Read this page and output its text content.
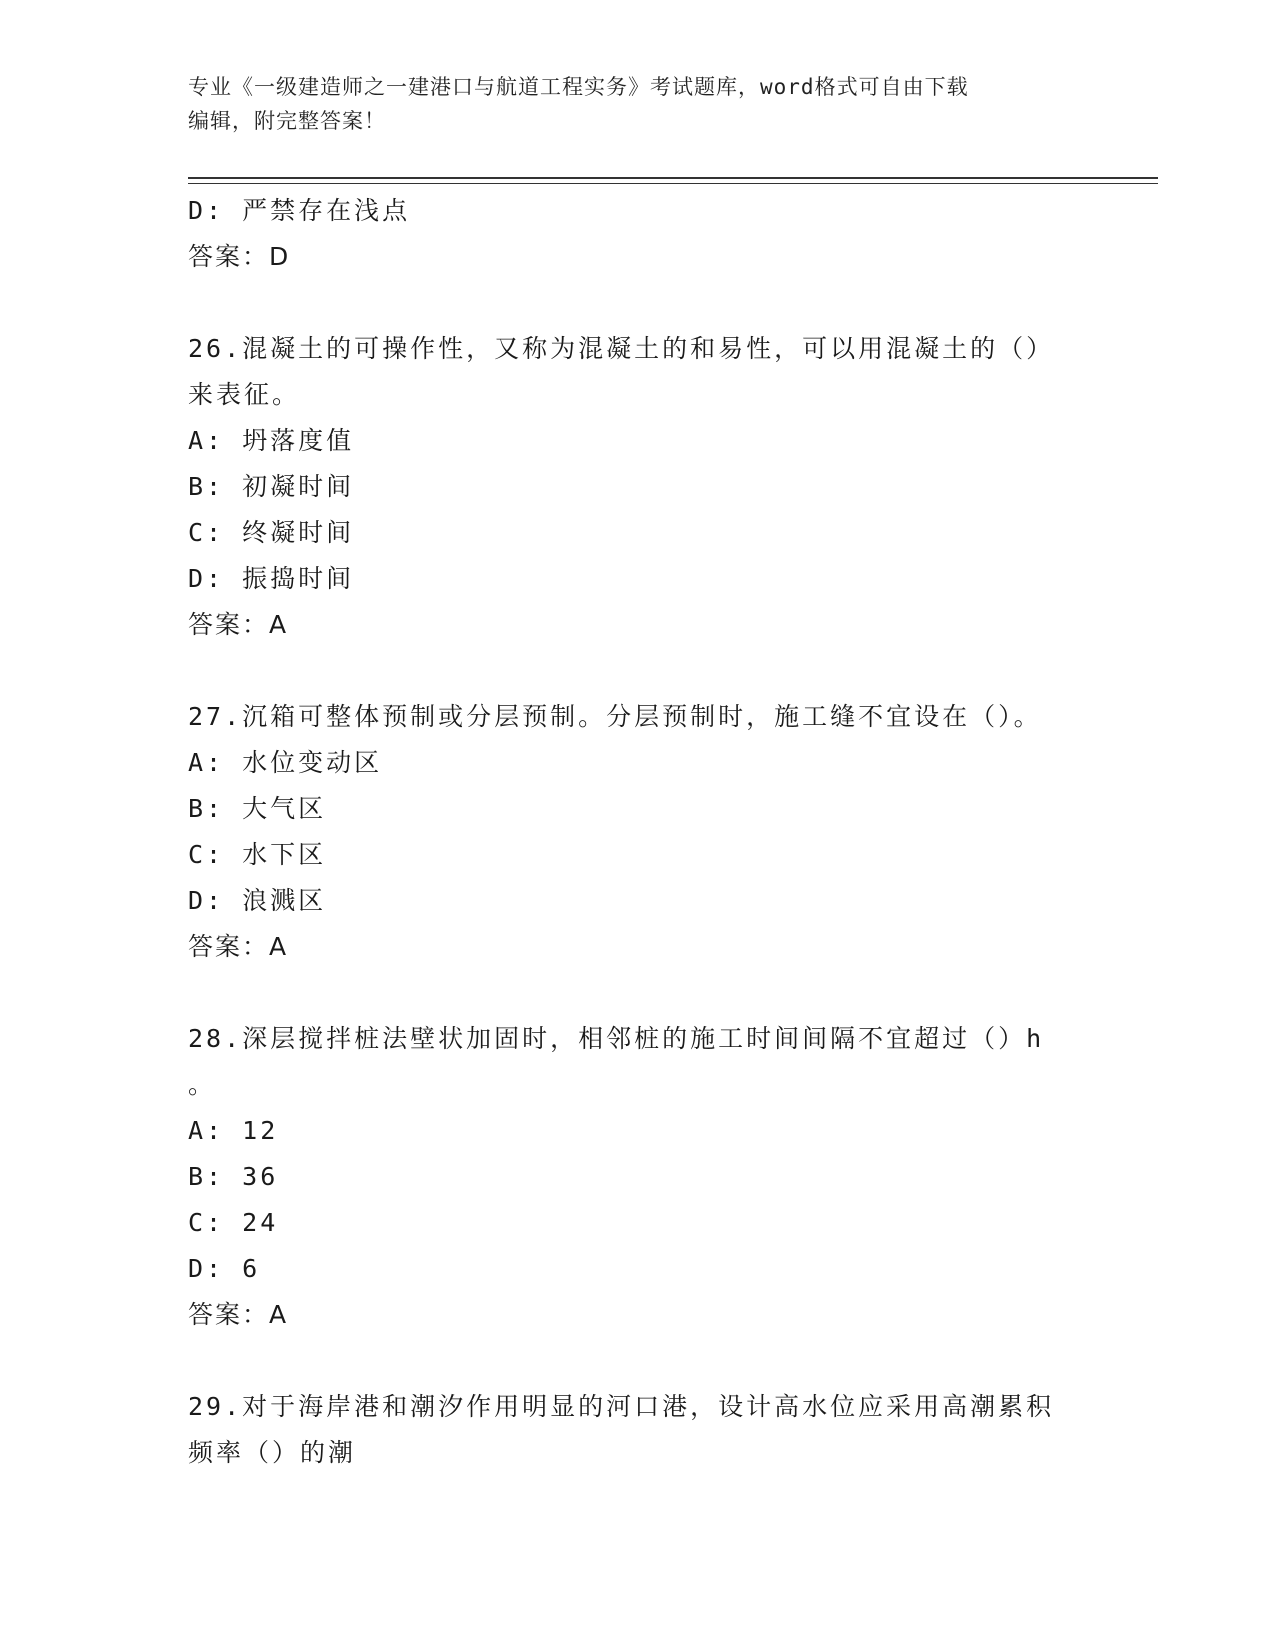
专业《一级建造师之一建港口与航道工程实务》考试题库，word格式可自由下载
编辑，附完整答案！
D: 严禁存在浅点
答案：D
26.混凝土的可操作性，又称为混凝土的和易性，可以用混凝土的（）
来表征。
A: 坍落度值
B: 初凝时间
C: 终凝时间
D: 振捣时间
答案：A
27.沉箱可整体预制或分层预制。分层预制时，施工缝不宜设在（）。
A: 水位变动区
B: 大气区
C: 水下区
D: 浪溅区
答案：A
28.深层搅拌桩法壁状加固时，相邻桩的施工时间间隔不宜超过（）h
。
A: 12
B: 36
C: 24
D: 6
答案：A
29.对于海岸港和潮汐作用明显的河口港，设计高水位应采用高潮累积
频率（）的潮
